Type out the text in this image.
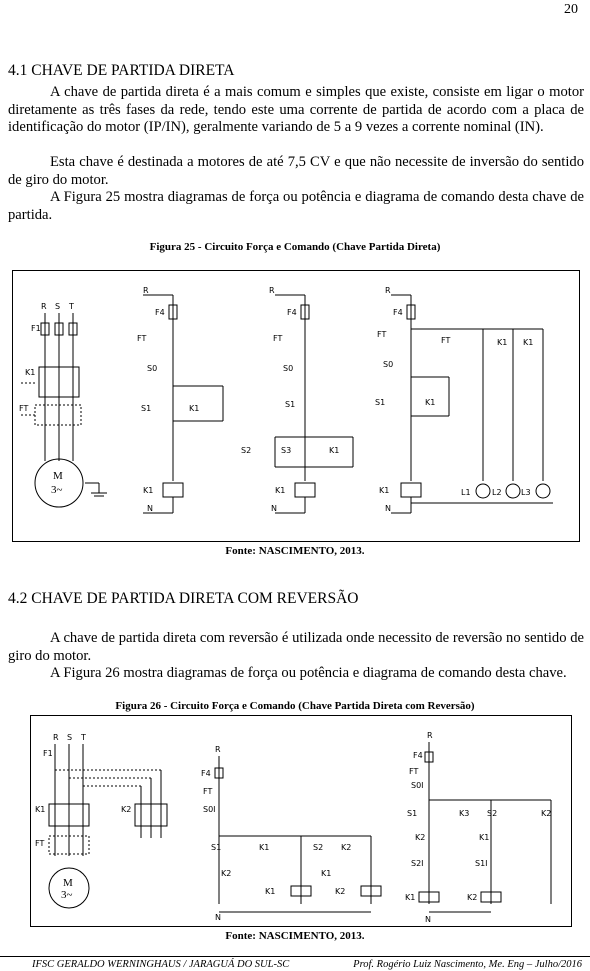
20
4.1 CHAVE DE PARTIDA DIRETA

A chave de partida direta é a mais comum e simples que existe, consiste em ligar o motor diretamente as três fases da rede, tendo este uma corrente de partida de acordo com a placa de identificação do motor (IP/IN), geralmente variando de 5 a 9 vezes a corrente nominal (IN).

Esta chave é destinada a motores de até 7,5 CV e que não necessite de inversão do sentido de giro do motor.

A Figura 25 mostra diagramas de força ou potência e diagrama de comando desta chave de partida.

Figura 25 - Circuito Força e Comando (Chave Partida Direta)
R S T
F1
K1
FT
M
3~
R
F4
FT
S0
S1	K1
K1
N
R
F4
FT
S0
S1
S2	S3	K1
K1
N
R
F4
FT
FT
S0
S1	K1
K1 K1
K1
N
L1	L2 L3
Fonte: NASCIMENTO, 2013.
4.2 CHAVE DE PARTIDA DIRETA COM REVERSÃO

A chave de partida direta com reversão é utilizada onde necessito de reversão no sentido de giro do motor.

A Figura 26 mostra diagramas de força ou potência e diagrama de comando desta chave.

Figura 26 - Circuito Força e Comando (Chave Partida Direta com Reversão)
F1
R S T
K1	K2
FT
M
3~
R
F4
FT
S0I
S1	K1	S2 K2
K2	K1
K1	K2
N
R
F4
FT
S0I
S1	K3 S2	K2
K2	K1
S2I	S1I
K1	K2
N
Fonte: NASCIMENTO, 2013.
IFSC GERALDO WERNINGHAUS / JARAGUÁ DO SUL-SC	Prof. Rogério Luiz Nascimento, Me. Eng – Julho/2016
